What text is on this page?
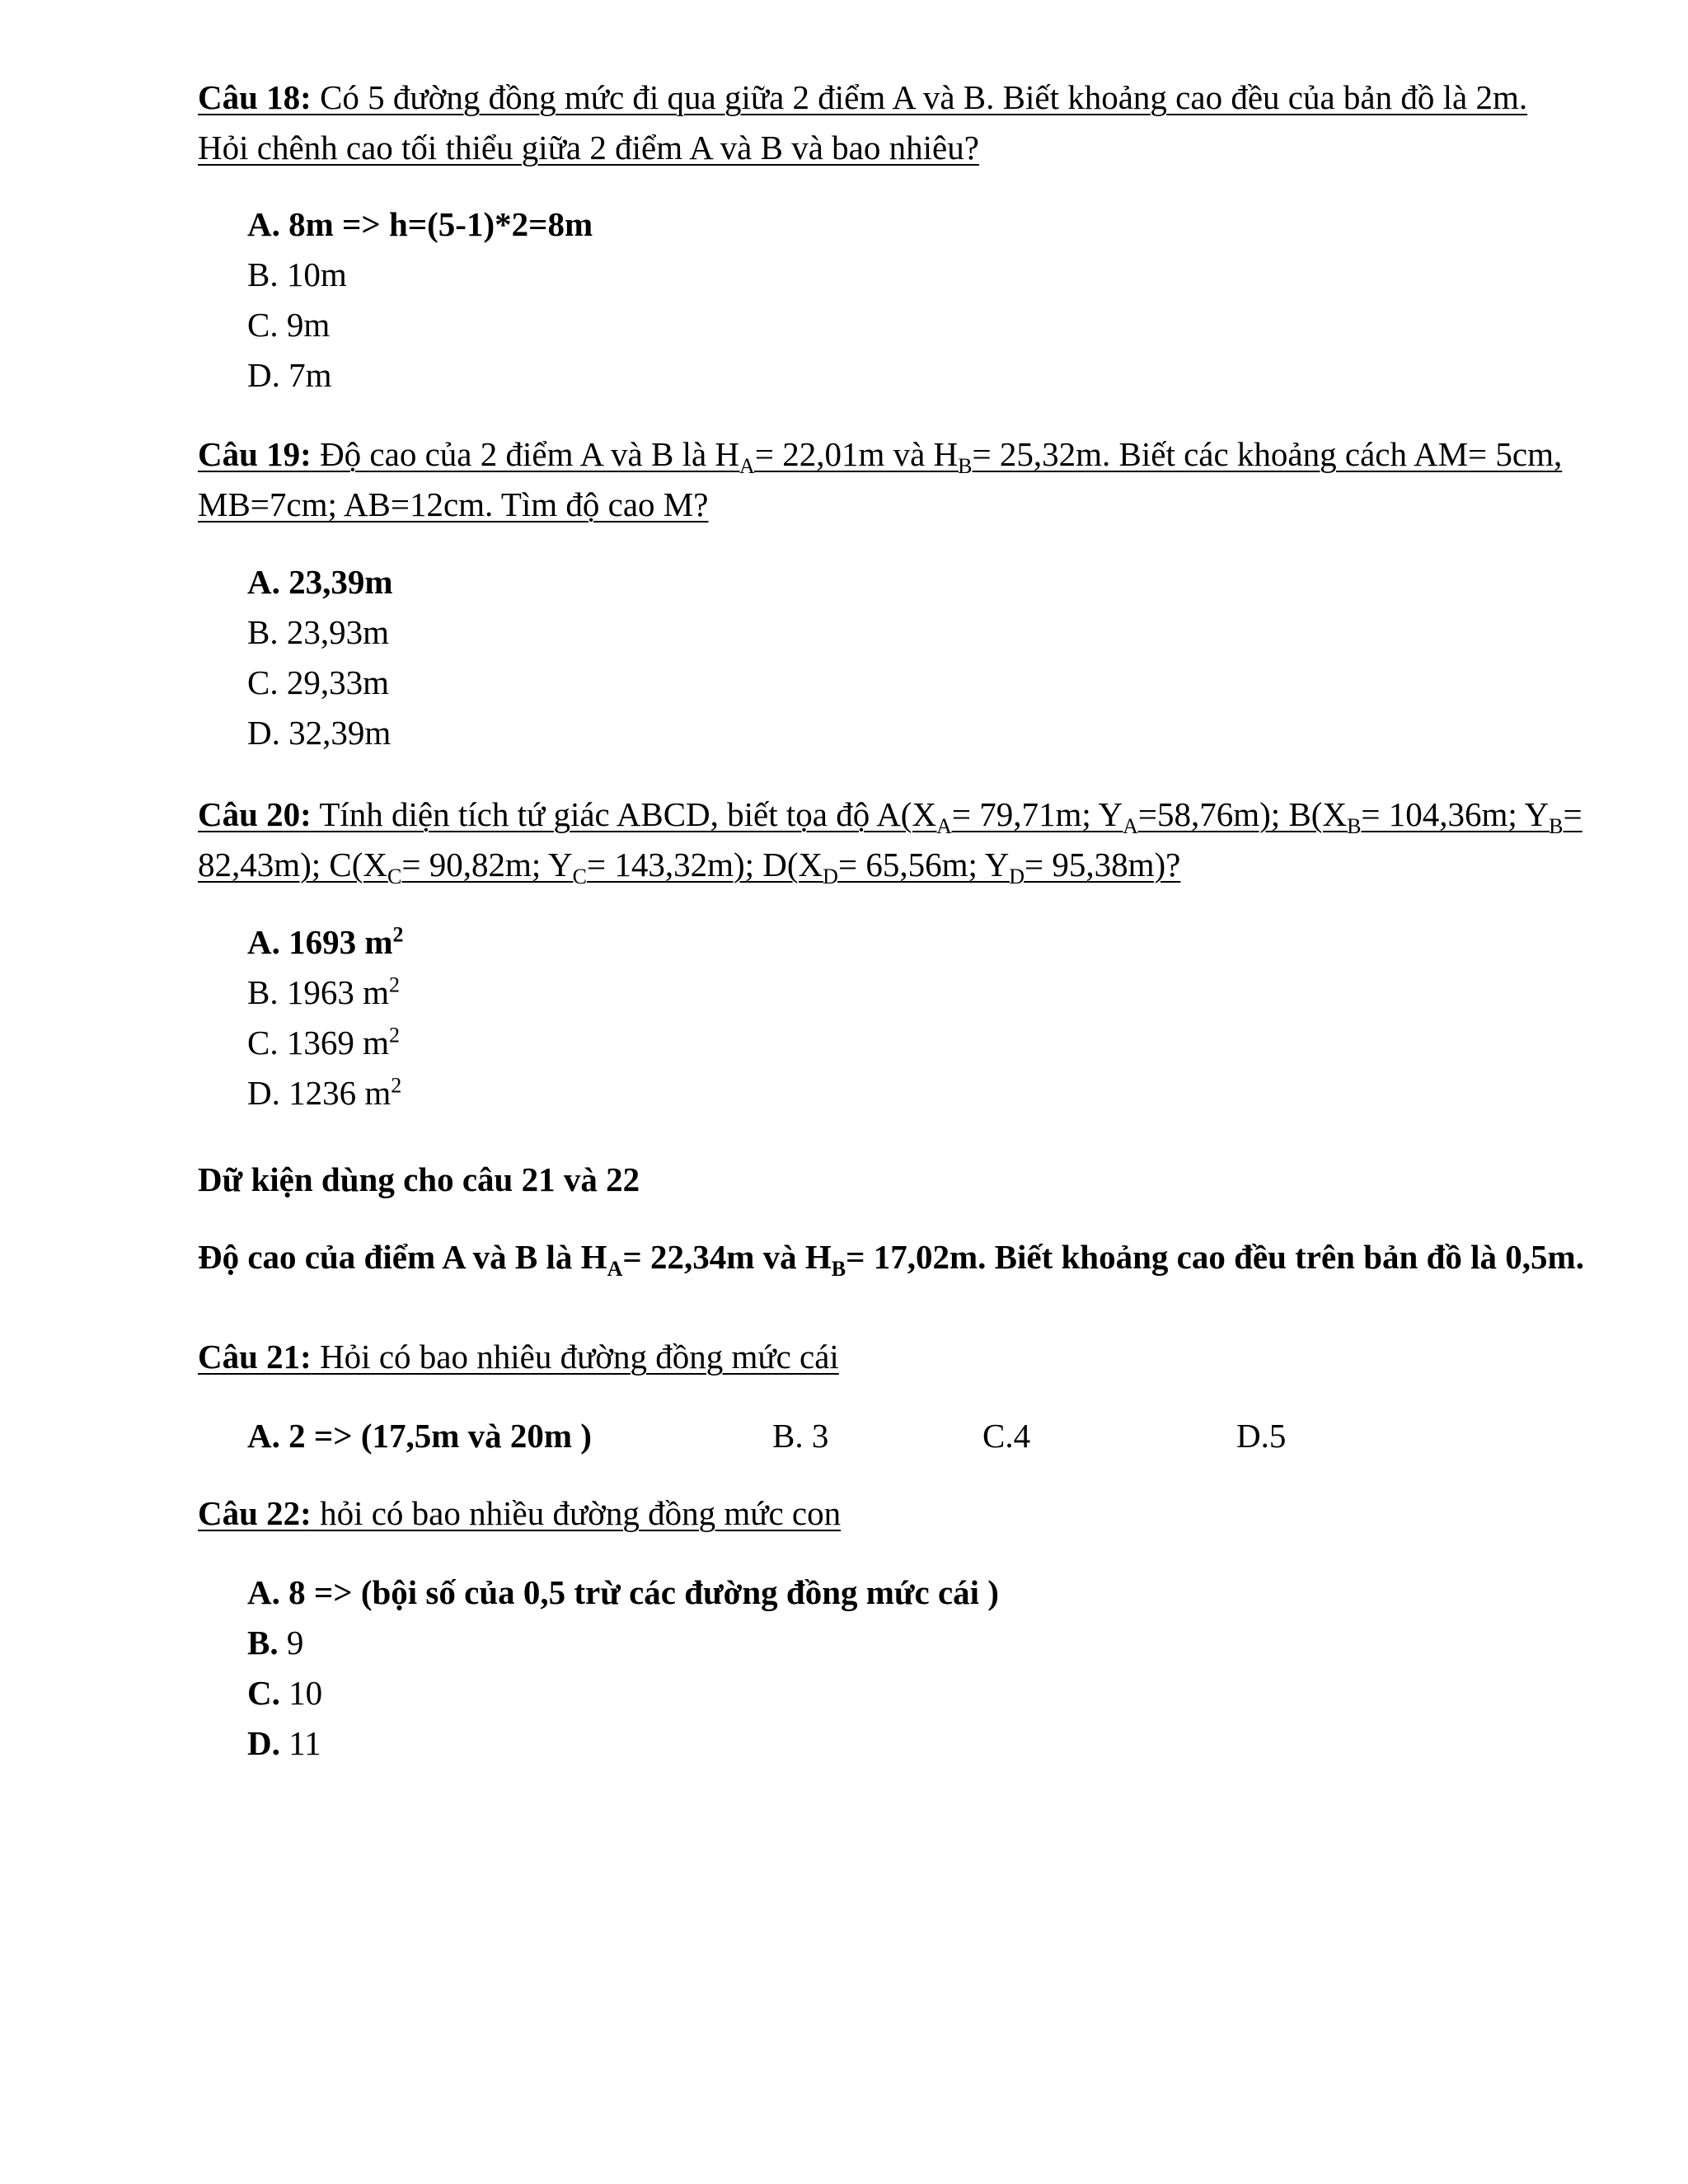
Câu 18: Có 5 đường đồng mức đi qua giữa 2 điểm A và B. Biết khoảng cao đều của bản đồ là 2m. Hỏi chênh cao tối thiểu giữa 2 điểm A và B và bao nhiêu?

A. 8m => h=(5-1)*2=8m
B. 10m
C. 9m
D. 7m

Câu 19: Độ cao của 2 điểm A và B là $H_A= 22,01m$ và $H_B= 25,32m$. Biết các khoảng cách AM= 5cm, MB=7cm; AB=12cm. Tìm độ cao M?

A. 23,39m
B. 23,93m
C. 29,33m
D. 32,39m

Câu 20: Tính diện tích tứ giác ABCD, biết tọa độ $A(X_A= 79,71m$; $Y_A=58,76m$); $B(X_B= 104,36m$; $Y_B= 82,43m$); $C(X_C= 90,82m$; $Y_C= 143,32m$); $D(X_D= 65,56m$; $Y_D= 95,38m$)?

A. 1693 $m^2$
B. 1963 $m^2$
C. 1369 $m^2$
D. 1236 $m^2$
Dữ kiện dùng cho câu 21 và 22
Độ cao của điểm A và B là $H_A= 22,34m$ và $H_B= 17,02m$. Biết khoảng cao đều trên bản đồ là 0,5m.

Câu 21: Hỏi có bao nhiêu đường đồng mức cái

A. 2 => (17,5m và 20m )	B. 3	C.4	D.5

Câu 22: hỏi có bao nhiều đường đồng mức con

A. 8 => (bội số của 0,5 trừ các đường đồng mức cái )
B. 9
C. 10
D. 11
